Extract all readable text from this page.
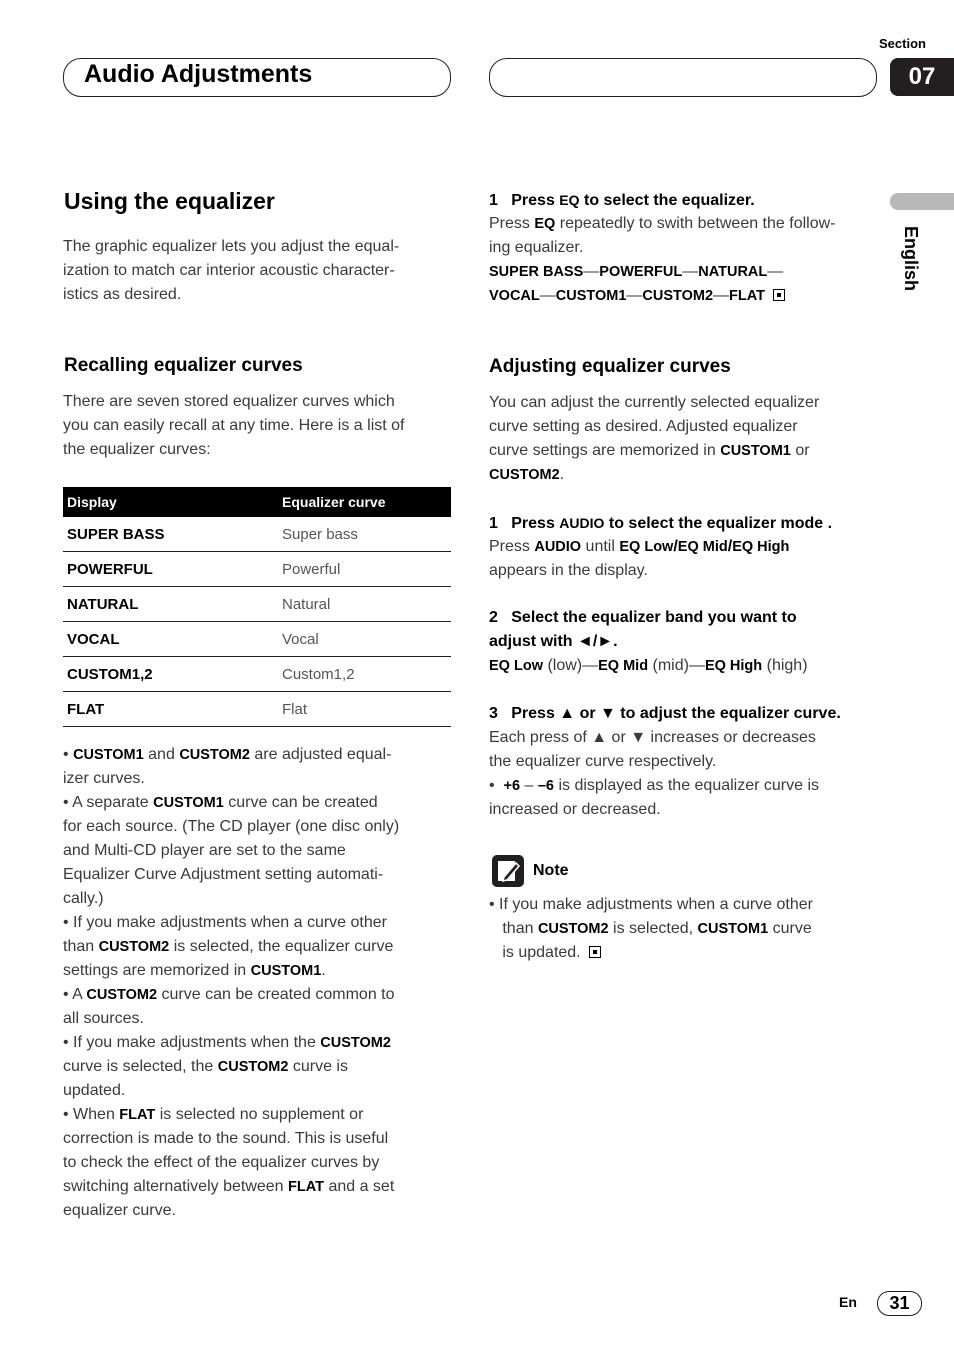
Audio Adjustments
Section
07
English
Using the equalizer
The graphic equalizer lets you adjust the equal-
ization to match car interior acoustic character-
istics as desired.
Recalling equalizer curves
There are seven stored equalizer curves which
you can easily recall at any time. Here is a list of
the equalizer curves:
Display	Equalizer curve
SUPER BASS	Super bass
POWERFUL	Powerful
NATURAL	Natural
VOCAL	Vocal
CUSTOM1,2	Custom1,2
FLAT	Flat
• CUSTOM1 and CUSTOM2 are adjusted equal-
izer curves.
• A separate CUSTOM1 curve can be created
for each source. (The CD player (one disc only)
and Multi-CD player are set to the same
Equalizer Curve Adjustment setting automati-
cally.)
• If you make adjustments when a curve other
than CUSTOM2 is selected, the equalizer curve
settings are memorized in CUSTOM1.
• A CUSTOM2 curve can be created common to
all sources.
• If you make adjustments when the CUSTOM2
curve is selected, the CUSTOM2 curve is
updated.
• When FLAT is selected no supplement or
correction is made to the sound. This is useful
to check the effect of the equalizer curves by
switching alternatively between FLAT and a set
equalizer curve.
1 Press EQ to select the equalizer.
Press EQ repeatedly to swith between the follow-
ing equalizer.
SUPER BASS—POWERFUL—NATURAL—
VOCAL—CUSTOM1—CUSTOM2—FLAT
Adjusting equalizer curves
You can adjust the currently selected equalizer
curve setting as desired. Adjusted equalizer
curve settings are memorized in CUSTOM1 or
CUSTOM2.
1 Press AUDIO to select the equalizer mode .
Press AUDIO until EQ Low/EQ Mid/EQ High
appears in the display.
2 Select the equalizer band you want to
adjust with ◄/►.
EQ Low (low)—EQ Mid (mid)—EQ High (high)
3 Press ▲ or ▼ to adjust the equalizer curve.
Each press of ▲ or ▼ increases or decreases
the equalizer curve respectively.
• +6 – –6 is displayed as the equalizer curve is
increased or decreased.
Note
• If you make adjustments when a curve other
than CUSTOM2 is selected, CUSTOM1 curve
is updated.
En	31
